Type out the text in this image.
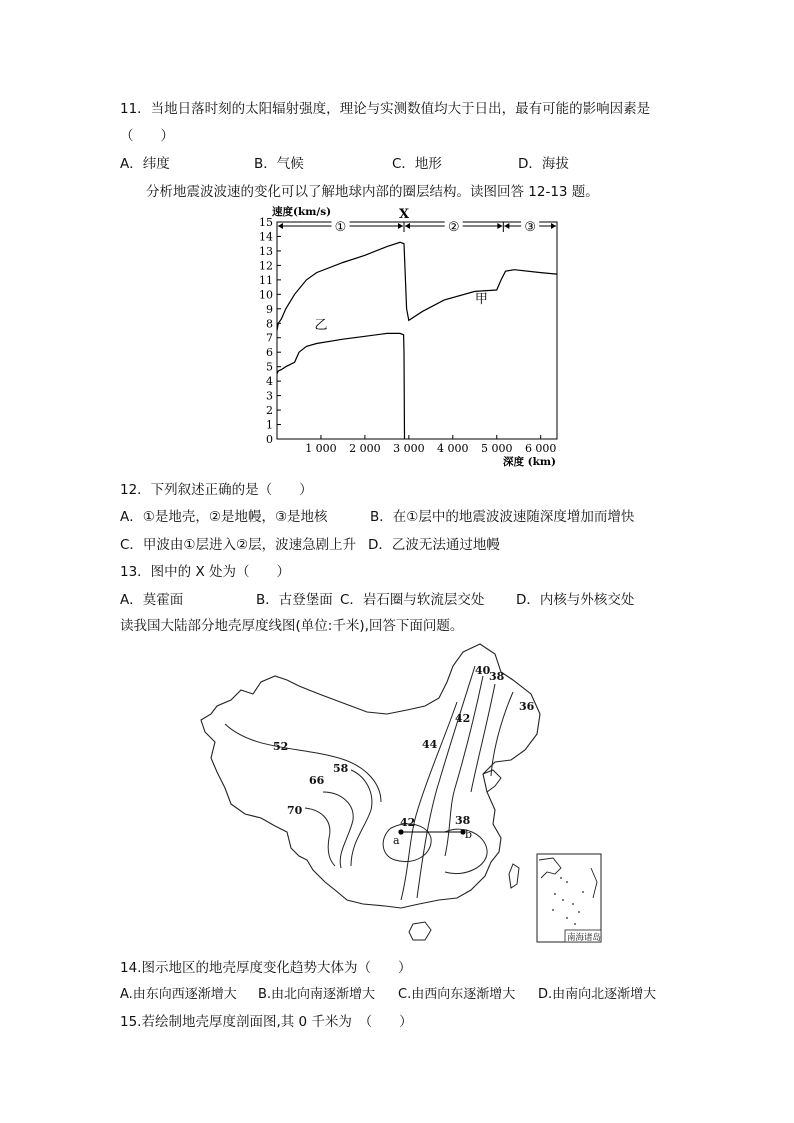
11．当地日落时刻的太阳辐射强度，理论与实测数值均大于日出，最有可能的影响因素是
（　　）
A．纬度	B．气候	C．地形	D．海拔
分析地震波波速的变化可以了解地球内部的圈层结构。读图回答 12-13 题。
速度(km/s)
深度 (km)
①	②	③
X
0
1
2
3
4
5
6
7
8
9
10
11
12
13
14
15
1 000 2 000 3 000 4 000 5 000 6 000
甲
乙
12．下列叙述正确的是（　　）
A．①是地壳，②是地幔，③是地核	B．在①层中的地震波波速随深度增加而增快
C．甲波由①层进入②层，波速急剧上升 D．乙波无法通过地幔
13．图中的 X 处为（　　）
A．莫霍面	B．古登堡面 C．岩石圈与软流层交处	D．内核与外核交处
读我国大陆部分地壳厚度线图(单位:千米),回答下面问题。
40
38
36
42
44
52
58
66
70
42	38
a	b
南海诸岛
14.图示地区的地壳厚度变化趋势大体为（　　）
A.由东向西逐渐增大	B.由北向南逐渐增大	C.由西向东逐渐增大	D.由南向北逐渐增大
15.若绘制地壳厚度剖面图,其 0 千米为　（　　）
